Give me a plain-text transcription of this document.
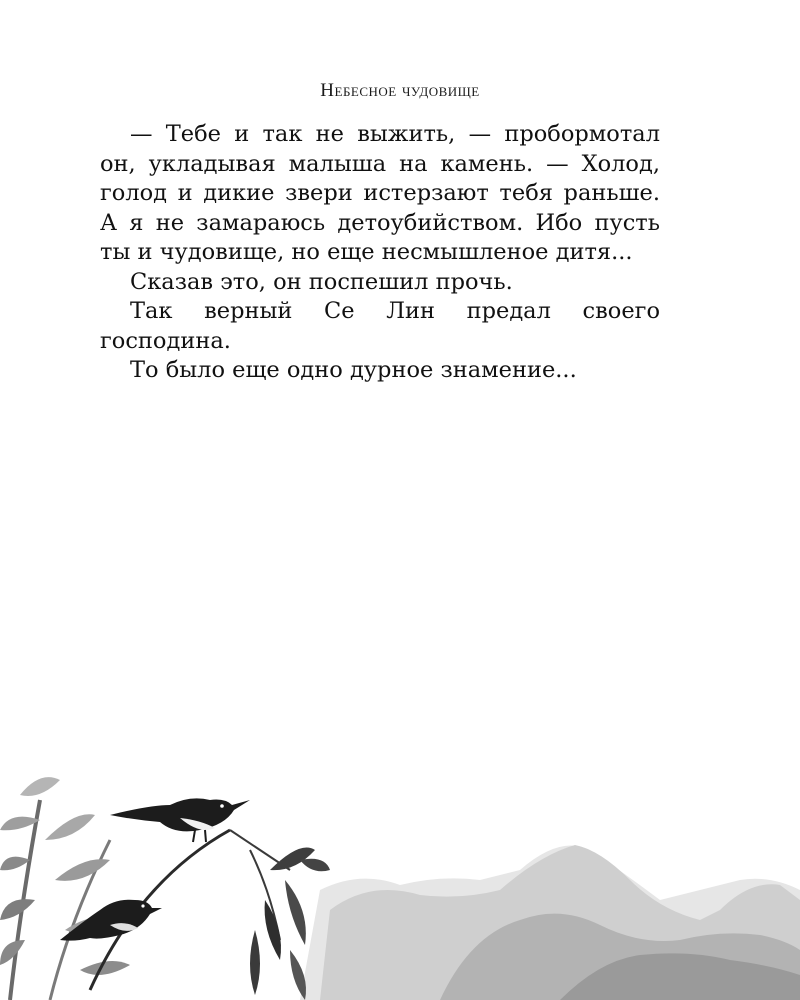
Небесное чудовище

— Тебе и так не выжить, — пробормотал он, укладывая малыша на камень. — Холод, голод и дикие звери истерзают тебя раньше. А я не замараюсь детоубийством. Ибо пусть ты и чудовище, но еще несмышленое дитя...

Сказав это, он поспешил прочь.

Так верный Се Лин предал своего господина.

То было еще одно дурное знамение...
